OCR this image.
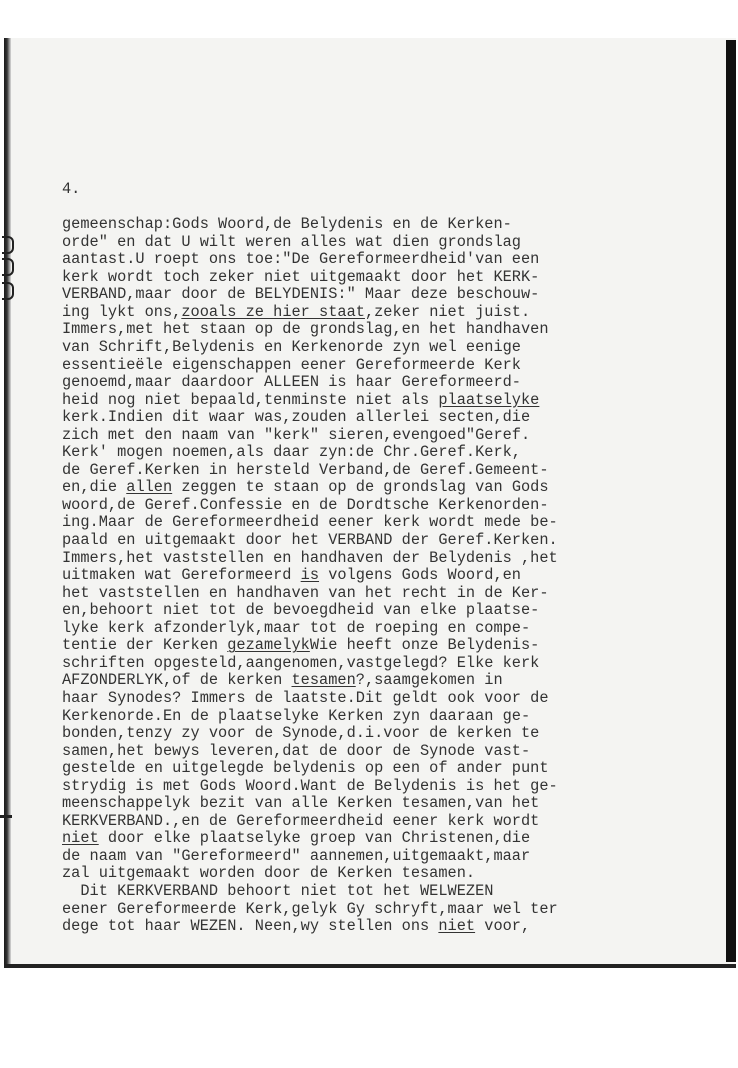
4.

gemeenschap:Gods Woord,de Belydenis en de Kerken-
orde" en dat U wilt weren alles wat dien grondslag
aantast.U roept ons toe:"De Gereformeerdheid'van een
kerk wordt toch zeker niet uitgemaakt door het KERK-
VERBAND,maar door de BELYDENIS:" Maar deze beschouw-
ing lykt ons,zooals ze hier staat,zeker niet juist.
Immers,met het staan op de grondslag,en het handhaven
van Schrift,Belydenis en Kerkenorde zyn wel eenige
essentieële eigenschappen eener Gereformeerde Kerk
genoemd,maar daardoor ALLEEN is haar Gereformeerd-
heid nog niet bepaald,tenminste niet als plaatselyke
kerk.Indien dit waar was,zouden allerlei secten,die
zich met den naam van "kerk" sieren,evengoed"Geref.
Kerk' mogen noemen,als daar zyn:de Chr.Geref.Kerk,
de Geref.Kerken in hersteld Verband,de Geref.Gemeent-
en,die allen zeggen te staan op de grondslag van Gods
woord,de Geref.Confessie en de Dordtsche Kerkenorden-
ing.Maar de Gereformeerdheid eener kerk wordt mede be-
paald en uitgemaakt door het VERBAND der Geref.Kerken.
Immers,het vaststellen en handhaven der Belydenis ,het
uitmaken wat Gereformeerd is volgens Gods Woord,en
het vaststellen en handhaven van het recht in de Ker-
en,behoort niet tot de bevoegdheid van elke plaatse-
lyke kerk afzonderlyk,maar tot de roeping en compe-
tentie der Kerken gezamelykWie heeft onze Belydenis-
schriften opgesteld,aangenomen,vastgelegd? Elke kerk
AFZONDERLYK,of de kerken tesamen?,saamgekomen in
haar Synodes? Immers de laatste.Dit geldt ook voor de
Kerkenorde.En de plaatselyke Kerken zyn daaraan ge-
bonden,tenzy zy voor de Synode,d.i.voor de kerken te
samen,het bewys leveren,dat de door de Synode vast-
gestelde en uitgelegde belydenis op een of ander punt
strydig is met Gods Woord.Want de Belydenis is het ge-
meenschappelyk bezit van alle Kerken tesamen,van het
KERKVERBAND.,en de Gereformeerdheid eener kerk wordt
niet door elke plaatselyke groep van Christenen,die
de naam van "Gereformeerd" aannemen,uitgemaakt,maar
zal uitgemaakt worden door de Kerken tesamen.
Dit KERKVERBAND behoort niet tot het WELWEZEN
eener Gereformeerde Kerk,gelyk Gy schryft,maar wel ter
dege tot haar WEZEN. Neen,wy stellen ons niet voor,
